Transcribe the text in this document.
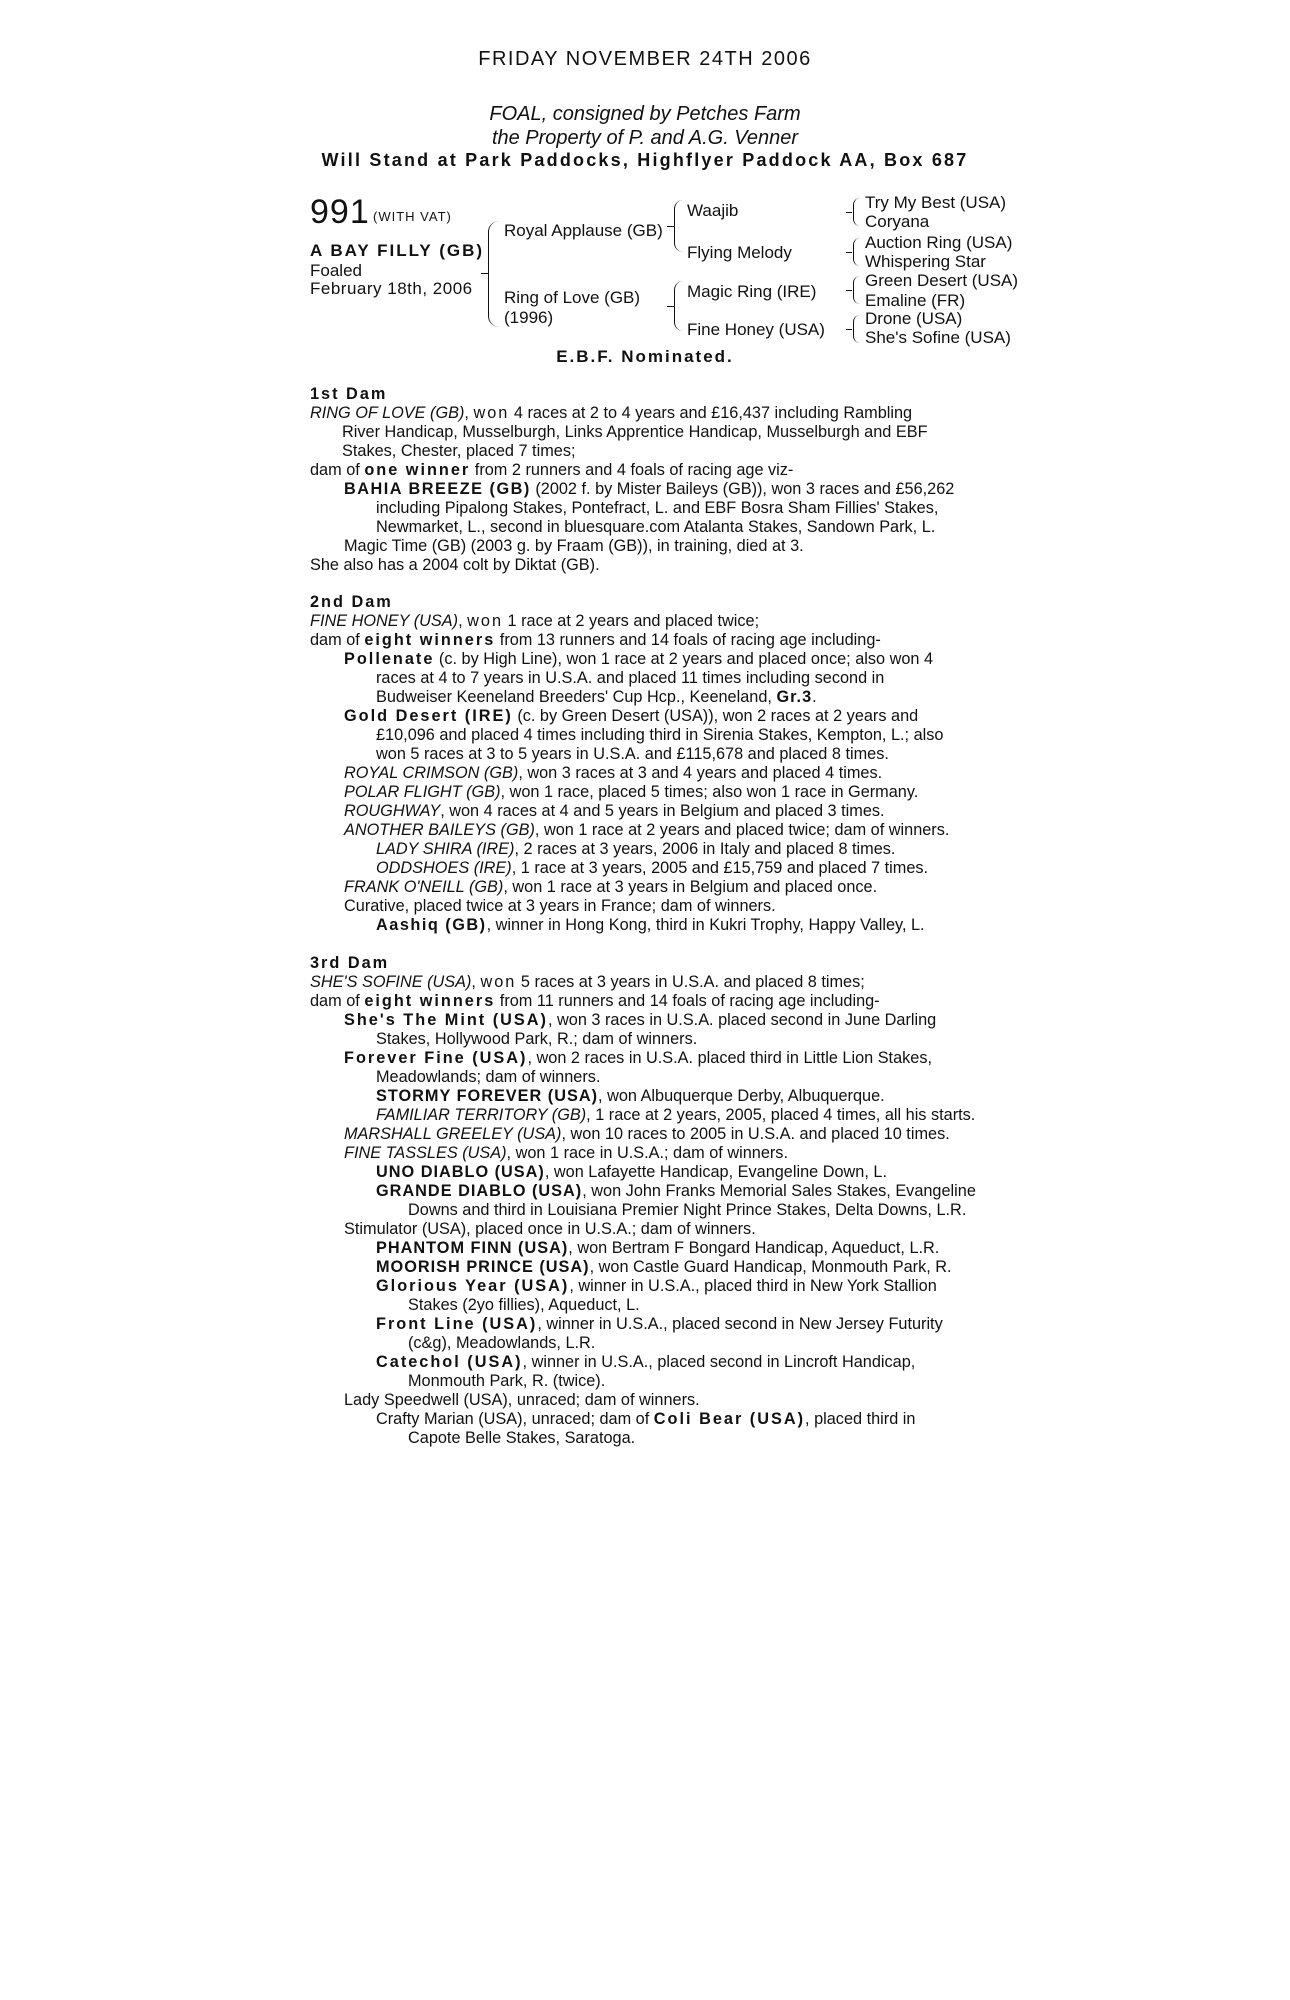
FRIDAY NOVEMBER 24TH 2006
FOAL, consigned by Petches Farm
the Property of P. and A.G. Venner
Will Stand at Park Paddocks, Highflyer Paddock AA, Box 687
991 (WITH VAT)
A BAY FILLY (GB)
Foaled
February 18th, 2006
Royal Applause (GB)
Ring of Love (GB)
(1996)
Waajib
Flying Melody
Magic Ring (IRE)
Fine Honey (USA)
Try My Best (USA)
Coryana
Auction Ring (USA)
Whispering Star
Green Desert (USA)
Emaline (FR)
Drone (USA)
She's Sofine (USA)
E.B.F. Nominated.
1st Dam
RING OF LOVE (GB), won 4 races at 2 to 4 years and £16,437 including Rambling
River Handicap, Musselburgh, Links Apprentice Handicap, Musselburgh and EBF
Stakes, Chester, placed 7 times;
dam of one winner from 2 runners and 4 foals of racing age viz-
BAHIA BREEZE (GB) (2002 f. by Mister Baileys (GB)), won 3 races and £56,262
including Pipalong Stakes, Pontefract, L. and EBF Bosra Sham Fillies' Stakes,
Newmarket, L., second in bluesquare.com Atalanta Stakes, Sandown Park, L.
Magic Time (GB) (2003 g. by Fraam (GB)), in training, died at 3.
She also has a 2004 colt by Diktat (GB).
2nd Dam
FINE HONEY (USA), won 1 race at 2 years and placed twice;
dam of eight winners from 13 runners and 14 foals of racing age including-
Pollenate (c. by High Line), won 1 race at 2 years and placed once; also won 4
races at 4 to 7 years in U.S.A. and placed 11 times including second in
Budweiser Keeneland Breeders' Cup Hcp., Keeneland, Gr.3.
Gold Desert (IRE) (c. by Green Desert (USA)), won 2 races at 2 years and
£10,096 and placed 4 times including third in Sirenia Stakes, Kempton, L.; also
won 5 races at 3 to 5 years in U.S.A. and £115,678 and placed 8 times.
ROYAL CRIMSON (GB), won 3 races at 3 and 4 years and placed 4 times.
POLAR FLIGHT (GB), won 1 race, placed 5 times; also won 1 race in Germany.
ROUGHWAY, won 4 races at 4 and 5 years in Belgium and placed 3 times.
ANOTHER BAILEYS (GB), won 1 race at 2 years and placed twice; dam of winners.
LADY SHIRA (IRE), 2 races at 3 years, 2006 in Italy and placed 8 times.
ODDSHOES (IRE), 1 race at 3 years, 2005 and £15,759 and placed 7 times.
FRANK O'NEILL (GB), won 1 race at 3 years in Belgium and placed once.
Curative, placed twice at 3 years in France; dam of winners.
Aashiq (GB), winner in Hong Kong, third in Kukri Trophy, Happy Valley, L.
3rd Dam
SHE'S SOFINE (USA), won 5 races at 3 years in U.S.A. and placed 8 times;
dam of eight winners from 11 runners and 14 foals of racing age including-
She's The Mint (USA), won 3 races in U.S.A. placed second in June Darling
Stakes, Hollywood Park, R.; dam of winners.
Forever Fine (USA), won 2 races in U.S.A. placed third in Little Lion Stakes,
Meadowlands; dam of winners.
STORMY FOREVER (USA), won Albuquerque Derby, Albuquerque.
FAMILIAR TERRITORY (GB), 1 race at 2 years, 2005, placed 4 times, all his starts.
MARSHALL GREELEY (USA), won 10 races to 2005 in U.S.A. and placed 10 times.
FINE TASSLES (USA), won 1 race in U.S.A.; dam of winners.
UNO DIABLO (USA), won Lafayette Handicap, Evangeline Down, L.
GRANDE DIABLO (USA), won John Franks Memorial Sales Stakes, Evangeline
Downs and third in Louisiana Premier Night Prince Stakes, Delta Downs, L.R.
Stimulator (USA), placed once in U.S.A.; dam of winners.
PHANTOM FINN (USA), won Bertram F Bongard Handicap, Aqueduct, L.R.
MOORISH PRINCE (USA), won Castle Guard Handicap, Monmouth Park, R.
Glorious Year (USA), winner in U.S.A., placed third in New York Stallion
Stakes (2yo fillies), Aqueduct, L.
Front Line (USA), winner in U.S.A., placed second in New Jersey Futurity
(c&g), Meadowlands, L.R.
Catechol (USA), winner in U.S.A., placed second in Lincroft Handicap,
Monmouth Park, R. (twice).
Lady Speedwell (USA), unraced; dam of winners.
Crafty Marian (USA), unraced; dam of Coli Bear (USA), placed third in
Capote Belle Stakes, Saratoga.
